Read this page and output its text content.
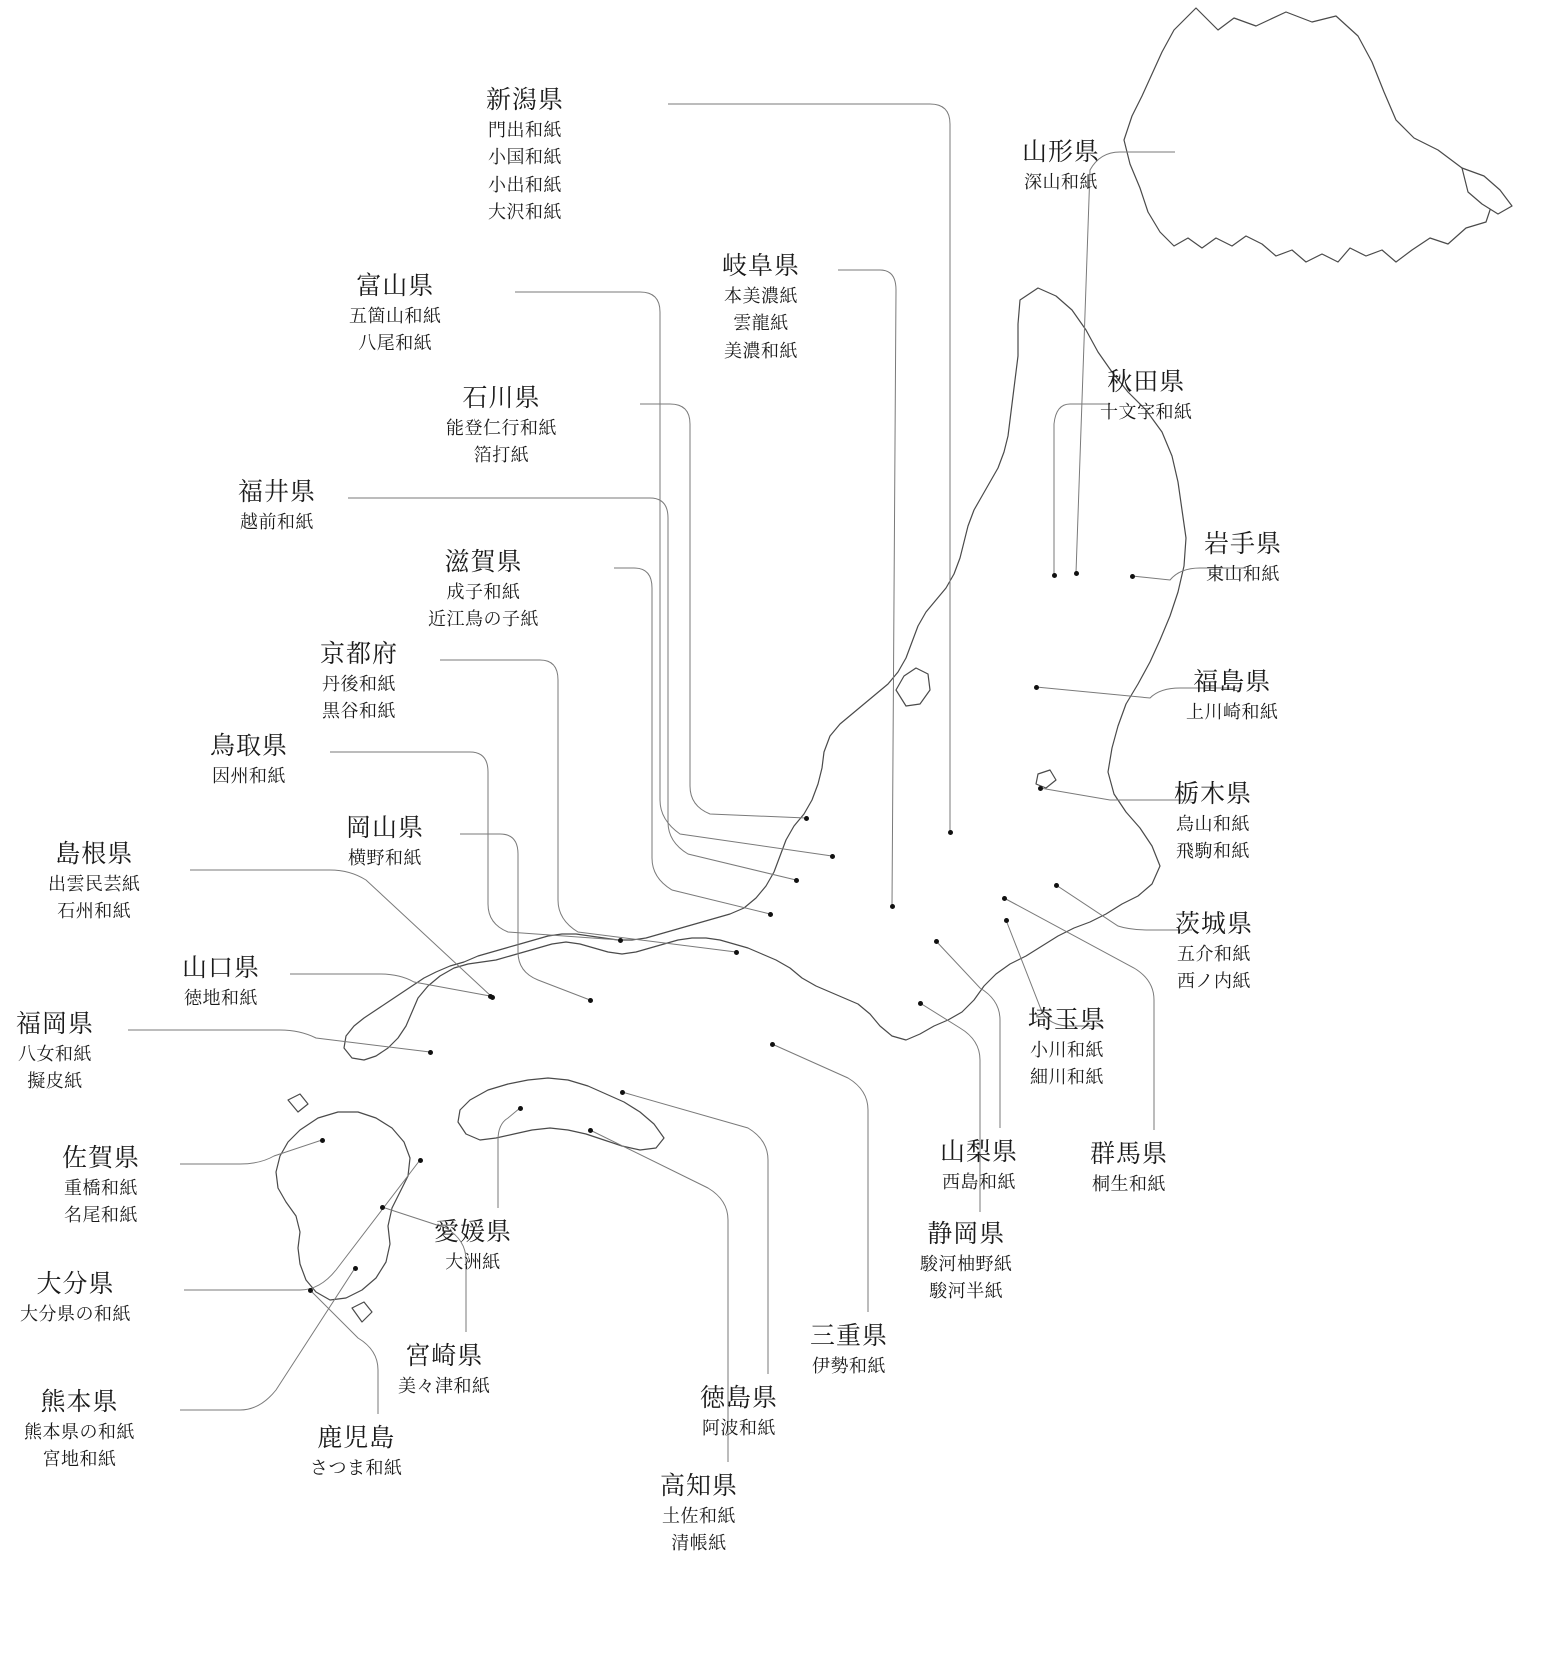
新潟県
門出和紙
小国和紙
小出和紙
大沢和紙
山形県
深山和紙
岐阜県
本美濃紙
雲龍紙
美濃和紙
富山県
五箇山和紙
八尾和紙
秋田県
十文字和紙
石川県
能登仁行和紙
箔打紙
福井県
越前和紙
岩手県
東山和紙
滋賀県
成子和紙
近江鳥の子紙
京都府
丹後和紙
黒谷和紙
福島県
上川崎和紙
鳥取県
因州和紙
栃木県
烏山和紙
飛駒和紙
岡山県
横野和紙
島根県
出雲民芸紙
石州和紙	茨城県
五介和紙
西ノ内紙
山口県
徳地和紙
埼玉県
小川和紙
細川和紙
福岡県
八女和紙
擬皮紙
佐賀県
重橋和紙
名尾和紙
群馬県
桐生和紙
山梨県
西島和紙
愛媛県
大洲紙
大分県
大分県の和紙
静岡県
駿河柚野紙
駿河半紙
宮崎県
美々津和紙
三重県
伊勢和紙
熊本県
熊本県の和紙
宮地和紙
徳島県
阿波和紙
鹿児島
さつま和紙
高知県
土佐和紙
清帳紙
